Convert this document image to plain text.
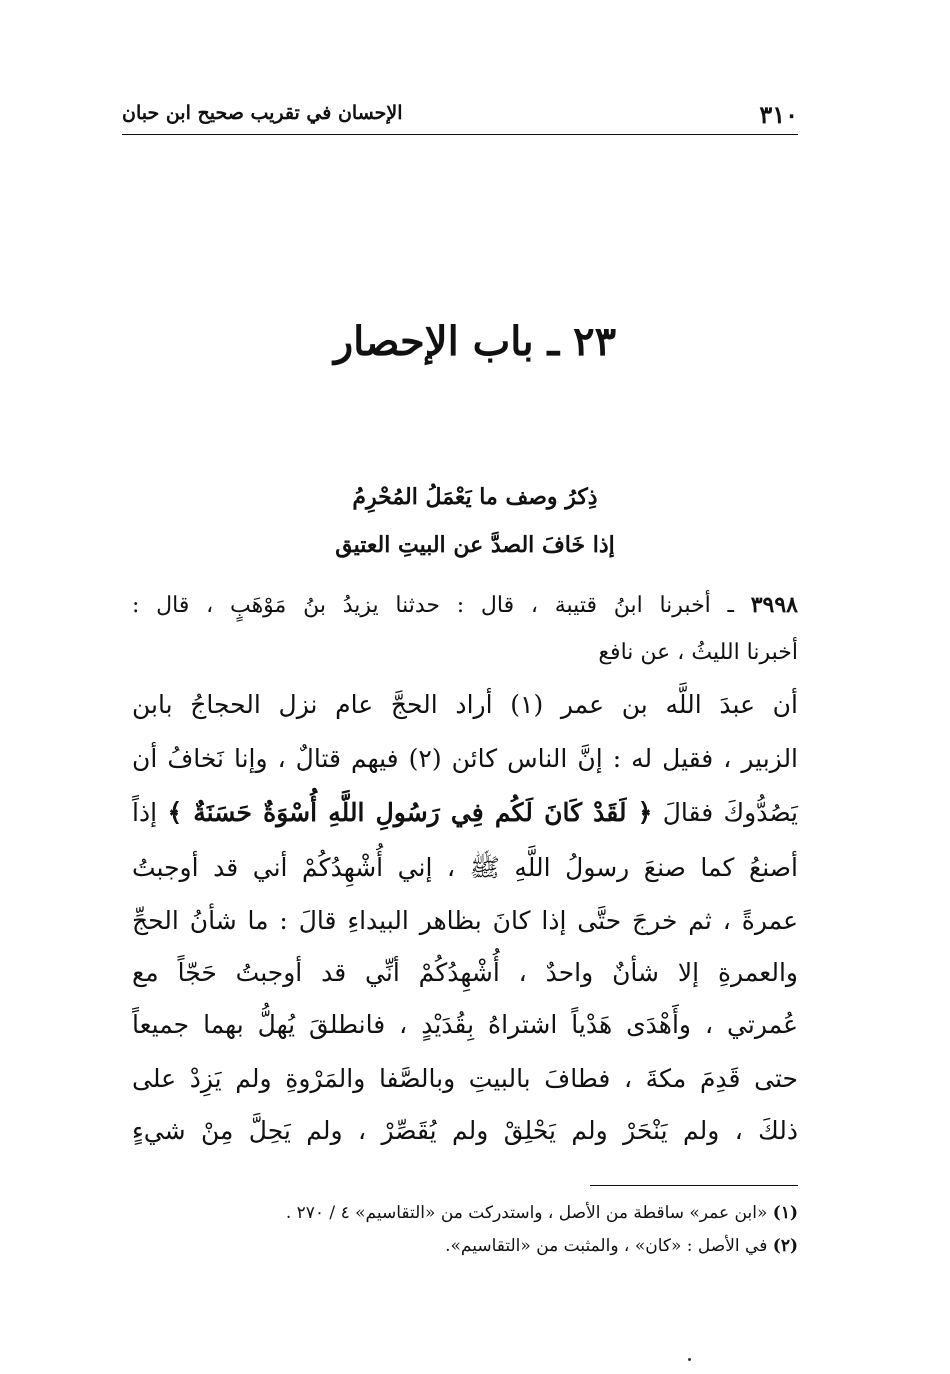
٣١٠
الإحسان في تقريب صحيح ابن حبان
٢٣ ـ باب الإحصار
ذِكرُ وصف ما يَعْمَلُ المُحْرِمُ
إذا خَافَ الصدَّ عن البيتِ العتيق
٣٩٩٨ ـ أخبرنا ابنُ قتيبة ، قال : حدثنا يزيدُ بنُ مَوْهَبٍ ، قال :
أخبرنا الليثُ ، عن نافع
أن عبدَ اللَّه بن عمر (١) أراد الحجَّ عام نزل الحجاجُ بابن
الزبير ، فقيل له : إنَّ الناس كائن (٢) فيهم قتالٌ ، وإنا نَخافُ أن
يَصُدُّوكَ فقالَ ﴿ لَقَدْ كَانَ لَكُم فِي رَسُولِ اللَّهِ أُسْوَةٌ حَسَنَةٌ ﴾ إذاً
أصنعُ كما صنعَ رسولُ اللَّهِ ﷺ ، إني أُشْهِدُكُمْ أني قد أوجبتُ
عمرةً ، ثم خرجَ حتَّى إذا كانَ بظاهر البيداءِ قالَ : ما شأنُ الحجِّ
والعمرةِ إلا شأنٌ واحدٌ ، أُشْهِدُكُمْ أنِّي قد أوجبتُ حَجّاً مع
عُمرتي ، وأَهْدَى هَدْياً اشتراهُ بِقُدَيْدٍ ، فانطلقَ يُهلُّ بهما جميعاً
حتى قَدِمَ مكةَ ، فطافَ بالبيتِ وبالصَّفا والمَرْوةِ ولم يَزِدْ على
ذلكَ ، ولم يَنْحَرْ ولم يَحْلِقْ ولم يُقَصِّرْ ، ولم يَحِلَّ مِنْ شيءٍ
(١) «ابن عمر» ساقطة من الأصل ، واستدركت من «التقاسيم» ٤ / ٢٧٠ .
(٢) في الأصل : «كان» ، والمثبت من «التقاسيم».
